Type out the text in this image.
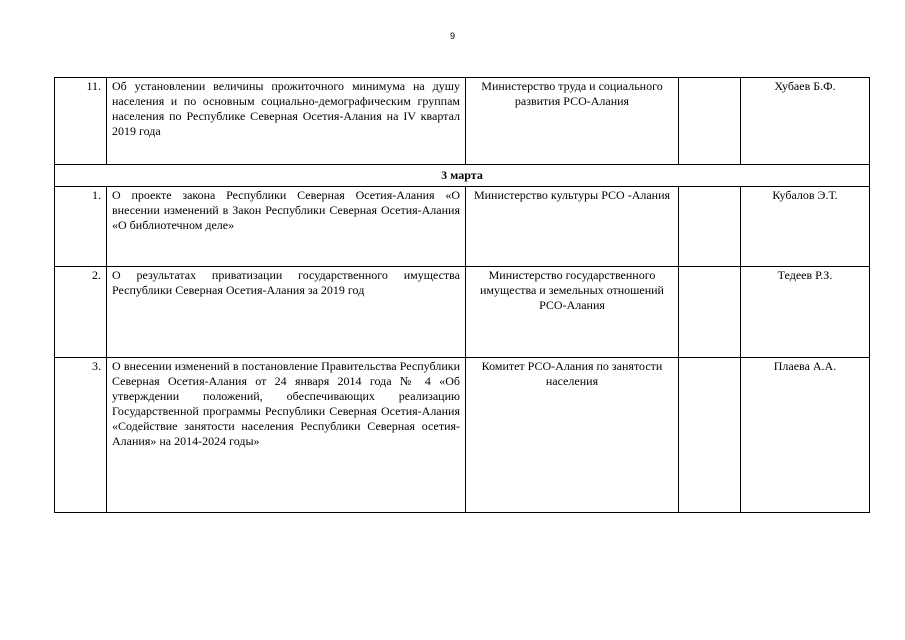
9
11.	Об установлении величины прожиточного минимума на душу населения и по основным социально-демографическим группам населения по Республике Северная Осетия-Алания на IV квартал 2019 года	Министерство труда и социального развития РСО-Алания		Хубаев Б.Ф.
3 марта				
1.	О проекте закона Республики Северная Осетия-Алания «О внесении изменений в Закон Республики Северная Осетия-Алания «О библиотечном деле»	Министерство культуры РСО -Алания		Кубалов Э.Т.
2.	О результатах приватизации государственного имущества Республики Северная Осетия-Алания за 2019 год	Министерство государственного имущества и земельных отношений РСО-Алания		Тедеев Р.З.
3.	О внесении изменений в постановление Правительства Республики Северная Осетия-Алания от 24 января 2014 года № 4 «Об утверждении положений, обеспечивающих реализацию Государственной программы Республики Северная Осетия-Алания «Содействие занятости населения Республики Северная осетия-Алания» на 2014-2024 годы»	Комитет РСО-Алания по занятости населения		Плаева А.А.
